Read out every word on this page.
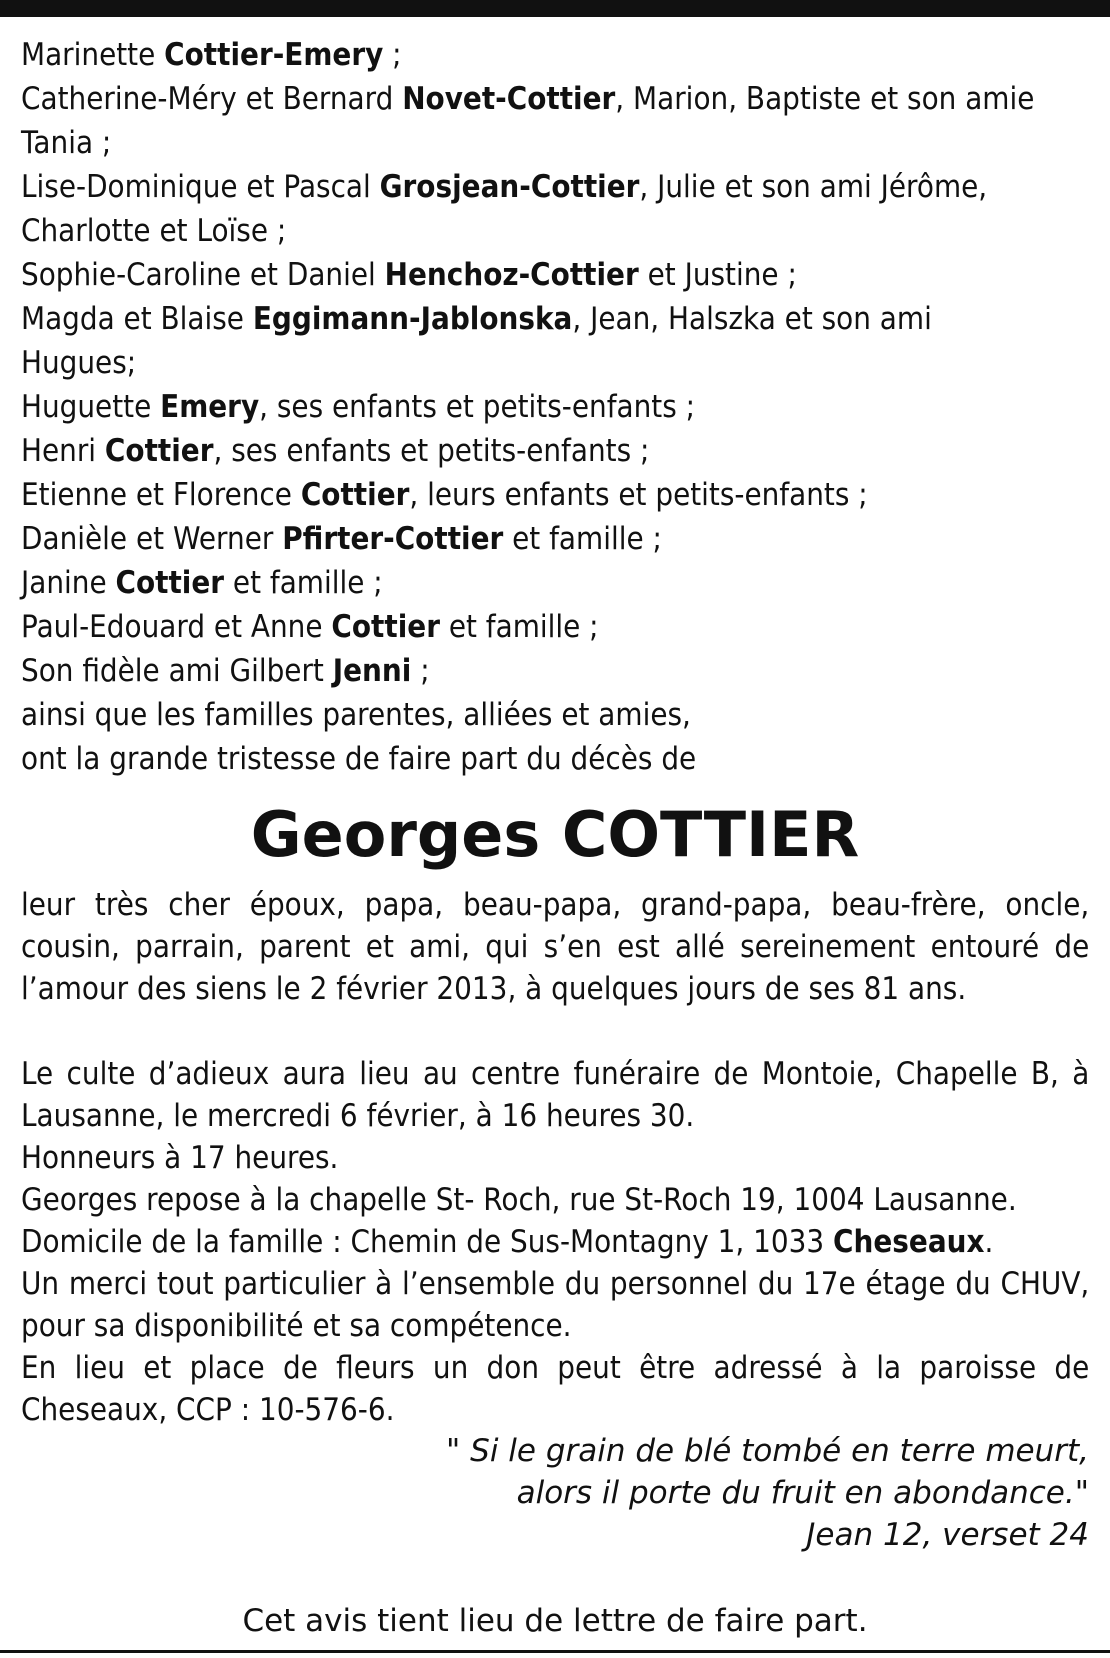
Marinette Cottier-Emery ;
Catherine-Méry et Bernard Novet-Cottier, Marion, Baptiste et son amie
Tania ;
Lise-Dominique et Pascal Grosjean-Cottier, Julie et son ami Jérôme,
Charlotte et Loïse ;
Sophie-Caroline et Daniel Henchoz-Cottier et Justine ;
Magda et Blaise Eggimann-Jablonska, Jean, Halszka et son ami
Hugues;
Huguette Emery, ses enfants et petits-enfants ;
Henri Cottier, ses enfants et petits-enfants ;
Etienne et Florence Cottier, leurs enfants et petits-enfants ;
Danièle et Werner Pfirter-Cottier et famille ;
Janine Cottier et famille ;
Paul-Edouard et Anne Cottier et famille ;
Son fidèle ami Gilbert Jenni ;
ainsi que les familles parentes, alliées et amies,
ont la grande tristesse de faire part du décès de
Georges COTTIER
leur très cher époux, papa, beau-papa, grand-papa, beau-frère, oncle, cousin, parrain, parent et ami, qui s’en est allé sereinement entouré de l’amour des siens le 2 février 2013, à quelques jours de ses 81 ans.
Le culte d’adieux aura lieu au centre funéraire de Montoie, Chapelle B, à Lausanne, le mercredi 6 février, à 16 heures 30.
Honneurs à 17 heures.
Georges repose à la chapelle St- Roch, rue St-Roch 19, 1004 Lausanne.
Domicile de la famille : Chemin de Sus-Montagny 1, 1033 Cheseaux.
Un merci tout particulier à l’ensemble du personnel du 17e étage du CHUV, pour sa disponibilité et sa compétence.
En lieu et place de fleurs un don peut être adressé à la paroisse de Cheseaux, CCP : 10-576-6.
" Si le grain de blé tombé en terre meurt,
alors il porte du fruit en abondance."
Jean 12, verset 24
Cet avis tient lieu de lettre de faire part.
